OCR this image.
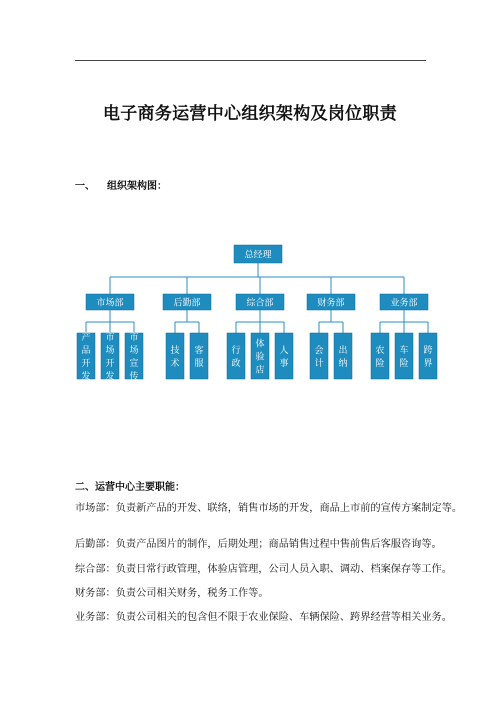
电子商务运营中心组织架构及岗位职责
一、 组织架构图：
总经理
市场部
产
品
开
发
市
场
开
发
市
场
宣
传
后勤部
技
术
客
服
综合部
行
政
体
验
店
人
事
财务部
会
计
出
纳
业务部
农
险
车
险
跨
界
二、运营中心主要职能：
市场部：负责新产品的开发、联络，销售市场的开发，商品上市前的宣传方案制定等。
后勤部：负责产品图片的制作，后期处理；商品销售过程中售前售后客服咨询等。
综合部：负责日常行政管理，体验店管理，公司人员入职、调动、档案保存等工作。
财务部：负责公司相关财务，税务工作等。
业务部：负责公司相关的包含但不限于农业保险、车辆保险、跨界经营等相关业务。
